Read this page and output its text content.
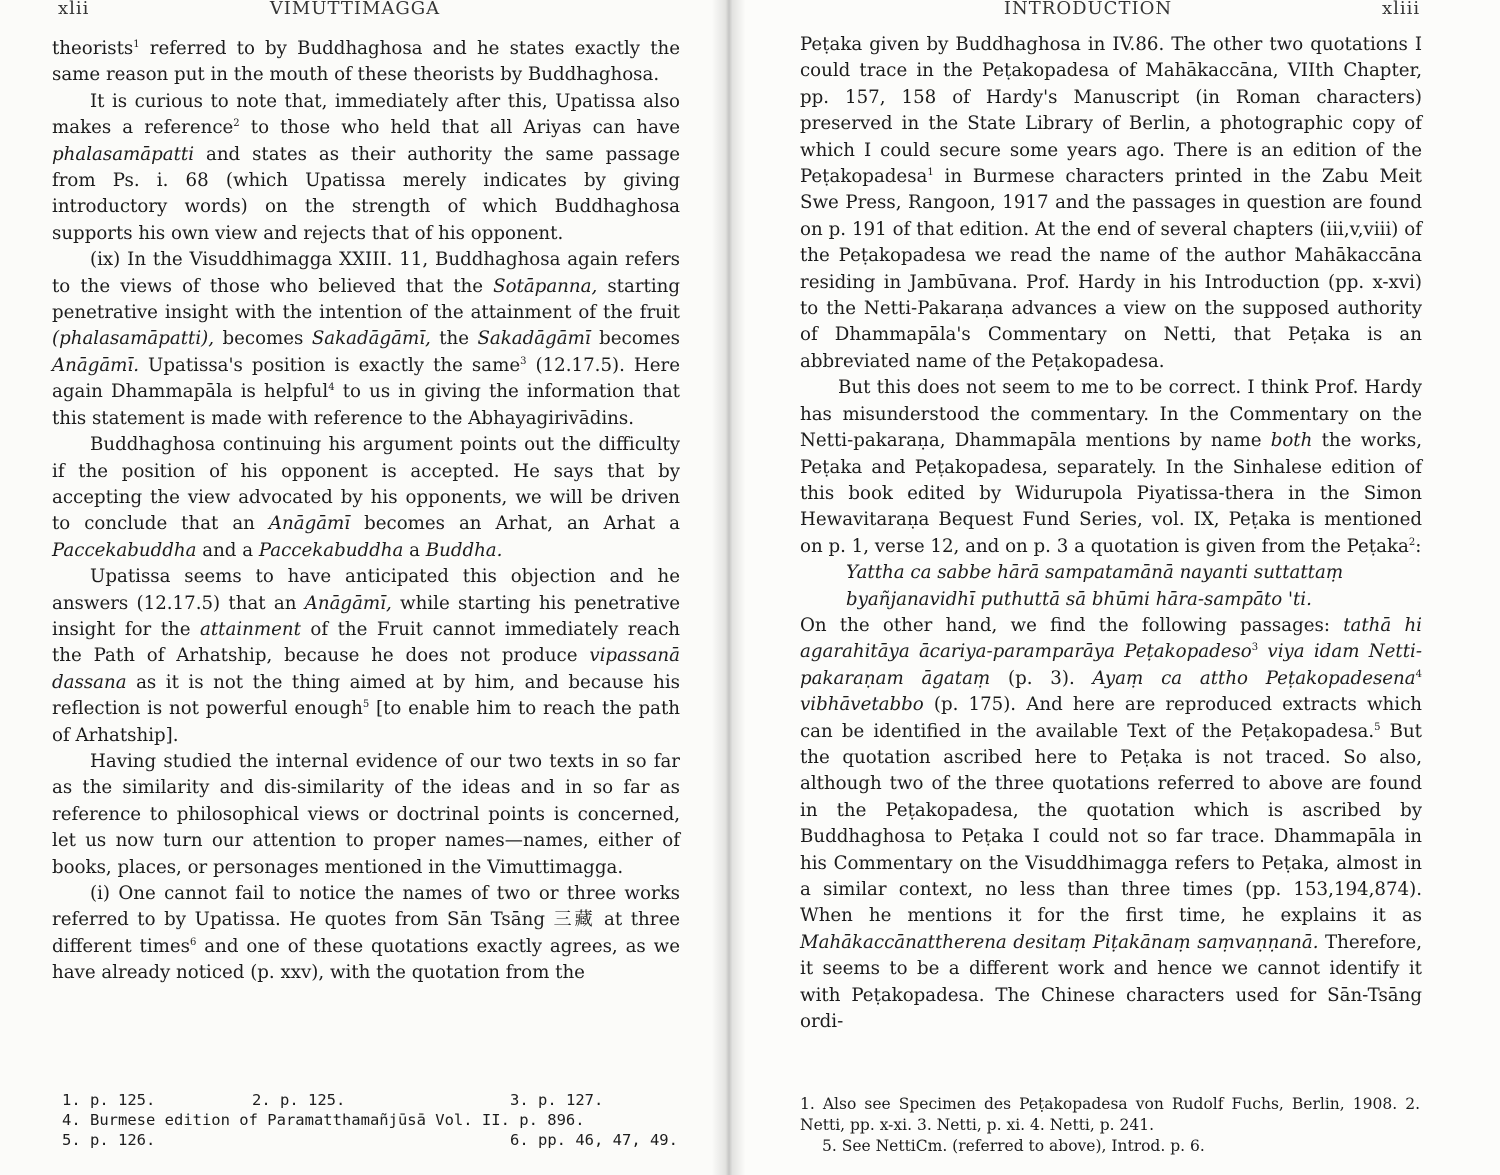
xlii	VIMUTTIMAGGA

theorists$^1$ referred to by Buddhaghosa and he states exactly the same reason put in the mouth of these theorists by Buddhaghosa.

It is curious to note that, immediately after this, Upatissa also makes a reference$^2$ to those who held that all Ariyas can have phalasamāpatti and states as their authority the same passage from Ps. i. 68 (which Upatissa merely indicates by giving introductory words) on the strength of which Buddhaghosa supports his own view and rejects that of his opponent.

(ix) In the Visuddhimagga XXIII. 11, Buddhaghosa again refers to the views of those who believed that the Sotāpanna, starting penetrative insight with the intention of the attainment of the fruit (phalasamāpatti), becomes Sakadāgāmī, the Sakadāgāmī becomes Anāgāmī. Upatissa's position is exactly the same$^3$ (12.17.5). Here again Dhammapāla is helpful$^4$ to us in giving the information that this statement is made with reference to the Abhayagirivādins.

Buddhaghosa continuing his argument points out the difficulty if the position of his opponent is accepted. He says that by accepting the view advocated by his opponents, we will be driven to conclude that an Anāgāmī becomes an Arhat, an Arhat a Paccekabuddha and a Paccekabuddha a Buddha.

Upatissa seems to have anticipated this objection and he answers (12.17.5) that an Anāgāmī, while starting his penetrative insight for the attainment of the Fruit cannot immediately reach the Path of Arhatship, because he does not produce vipassanā dassana as it is not the thing aimed at by him, and because his reflection is not powerful enough$^5$ [to enable him to reach the path of Arhatship].

Having studied the internal evidence of our two texts in so far as the similarity and dis-similarity of the ideas and in so far as reference to philosophical views or doctrinal points is concerned, let us now turn our attention to proper names—names, either of books, places, or personages mentioned in the Vimuttimagga.

(i) One cannot fail to notice the names of two or three works referred to by Upatissa. He quotes from Sān Tsāng 三藏 at three different times$^6$ and one of these quotations exactly agrees, as we have already noticed (p. xxv), with the quotation from the

1. p. 125.	2. p. 125.	3. p. 127.
4. Burmese edition of Paramatthamañjūsā Vol. II. p. 896.
5. p. 126.	6. pp. 46, 47, 49.
INTRODUCTION	xliii

Peṭaka given by Buddhaghosa in IV.86. The other two quotations I could trace in the Peṭakopadesa of Mahākaccāna, VIIth Chapter, pp. 157, 158 of Hardy's Manuscript (in Roman characters) preserved in the State Library of Berlin, a photographic copy of which I could secure some years ago. There is an edition of the Peṭakopadesa$^1$ in Burmese characters printed in the Zabu Meit Swe Press, Rangoon, 1917 and the passages in question are found on p. 191 of that edition. At the end of several chapters (iii,v,viii) of the Peṭakopadesa we read the name of the author Mahākaccāna residing in Jambūvana. Prof. Hardy in his Introduction (pp. x-xvi) to the Netti-Pakaraṇa advances a view on the supposed authority of Dhammapāla's Commentary on Netti, that Peṭaka is an abbreviated name of the Peṭakopadesa.

But this does not seem to me to be correct. I think Prof. Hardy has misunderstood the commentary. In the Commentary on the Netti-pakaraṇa, Dhammapāla mentions by name both the works, Peṭaka and Peṭakopadesa, separately. In the Sinhalese edition of this book edited by Widurupola Piyatissa-thera in the Simon Hewavitaraṇa Bequest Fund Series, vol. IX, Peṭaka is mentioned on p. 1, verse 12, and on p. 3 a quotation is given from the Peṭaka$^2$:

Yattha ca sabbe hārā sampatamānā nayanti suttattaṃ

byañjanavidhī puthuttā sā bhūmi hāra-sampāto 'ti.

On the other hand, we find the following passages: tathā hi agarahitāya ācariya-paramparāya Peṭakopadeso$^3$ viya idam Netti-pakaraṇam āgataṃ (p. 3). Ayaṃ ca attho Peṭakopadesena$^4$ vibhāvetabbo (p. 175). And here are reproduced extracts which can be identified in the available Text of the Peṭakopadesa.$^5$ But the quotation ascribed here to Peṭaka is not traced. So also, although two of the three quotations referred to above are found in the Peṭakopadesa, the quotation which is ascribed by Buddhaghosa to Peṭaka I could not so far trace. Dhammapāla in his Commentary on the Visuddhimagga refers to Peṭaka, almost in a similar context, no less than three times (pp. 153,194,874). When he mentions it for the first time, he explains it as Mahākaccānattherena desitaṃ Piṭakānaṃ saṃvaṇṇanā. Therefore, it seems to be a different work and hence we cannot identify it with Peṭakopadesa. The Chinese characters used for Sān-Tsāng ordi-

1. Also see Specimen des Peṭakopadesa von Rudolf Fuchs, Berlin, 1908. 2. Netti, pp. x-xi. 3. Netti, p. xi. 4. Netti, p. 241.

5. See NettiCm. (referred to above), Introd. p. 6.
